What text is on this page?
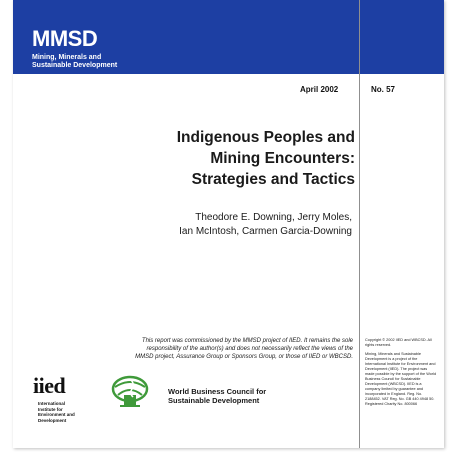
MMSD
Mining, Minerals and
Sustainable Development
April 2002	No. 57
Indigenous Peoples and
Mining Encounters:
Strategies and Tactics
Theodore E. Downing, Jerry Moles,
Ian McIntosh, Carmen Garcia-Downing
This report was commissioned by the MMSD project of IIED. It remains the sole
responsibility of the author(s) and does not necessarily reflect the views of the
MMSD project, Assurance Group or Sponsors Group, or those of IIED or WBCSD.

Copyright © 2002 IIED and WBCSD. All rights reserved.

Mining, Minerals and Sustainable Development is a project of the International Institute for Environment and Development (IIED). The project was made possible by the support of the World Business Council for Sustainable Development (WBCSD). IIED is a company limited by guarantee and incorporated in England. Reg. No. 2188452. VAT Reg. No. GB 440 4948 50. Registered Charity No. 800066

iied
International
Institute for
Environment and
Development
World Business Council for
Sustainable Development
